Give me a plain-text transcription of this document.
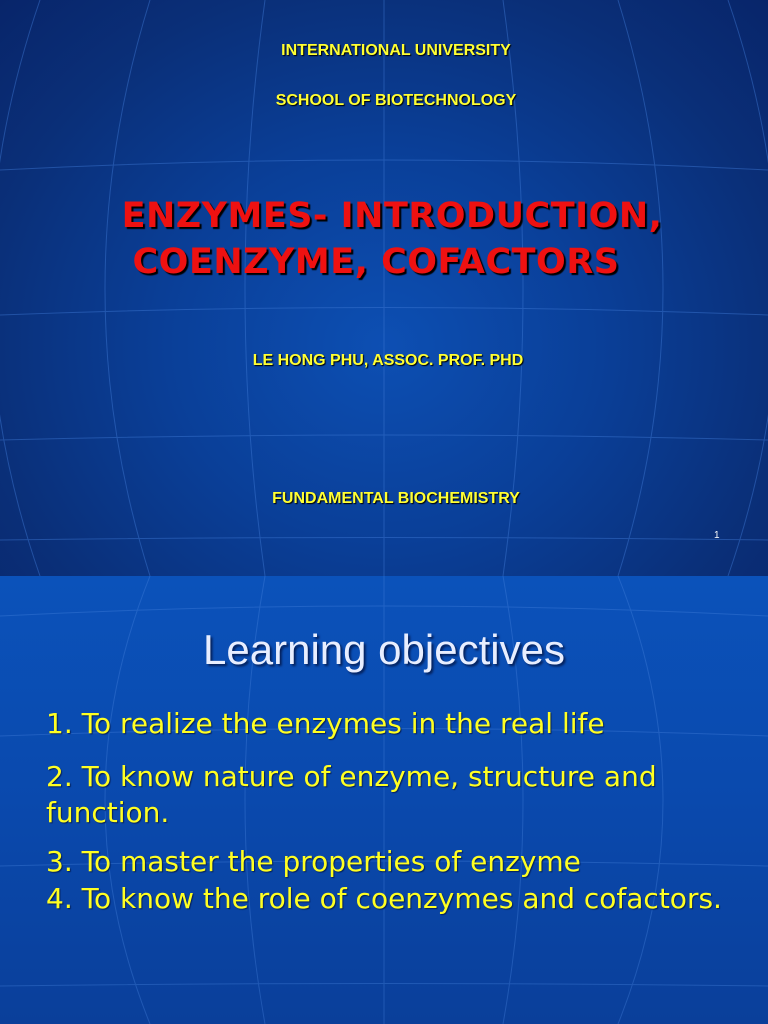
INTERNATIONAL UNIVERSITY
SCHOOL OF BIOTECHNOLOGY
ENZYMES- INTRODUCTION,
COENZYME, COFACTORS
LE HONG PHU, ASSOC. PROF. PHD
FUNDAMENTAL BIOCHEMISTRY
1
Learning objectives
1. To realize the enzymes in the real life
2. To know nature of enzyme, structure and function.
3. To master the properties of enzyme
4. To know the role of coenzymes and cofactors.
